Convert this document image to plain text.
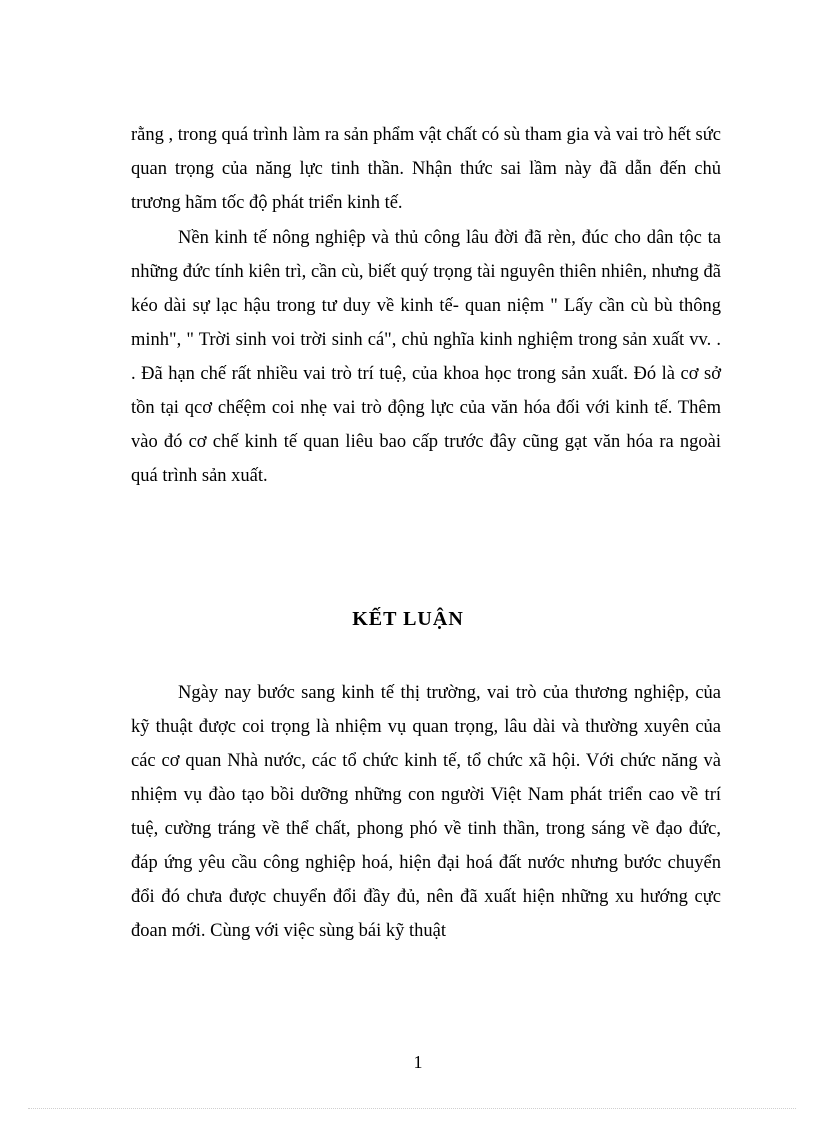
rằng , trong quá trình làm ra sản phẩm vật chất có sù tham gia và vai trò hết sức quan trọng của năng lực tinh thần. Nhận thức sai lầm này đã dẫn đến chủ trương hãm tốc độ phát triển kinh tế.

Nền kinh tế nông nghiệp và thủ công lâu đời đã rèn, đúc cho dân tộc ta những đức tính kiên trì, cần cù, biết quý trọng tài nguyên thiên nhiên, nhưng đã kéo dài sự lạc hậu trong tư duy về kinh tế- quan niệm " Lấy cần cù bù thông minh", " Trời sinh voi trời sinh cá", chủ nghĩa kinh nghiệm trong sản xuất vv. . . Đã hạn chế rất nhiều vai trò trí tuệ, của khoa học trong sản xuất. Đó là cơ sở tồn tại qcơ chếệm coi nhẹ vai trò động lực của văn hóa đối với kinh tế. Thêm vào đó cơ chế kinh tế quan liêu bao cấp trước đây cũng gạt văn hóa ra ngoài quá trình sản xuất.

KẾT LUẬN

Ngày nay bước sang kinh tế thị trường, vai trò của thương nghiệp, của kỹ thuật được coi trọng là nhiệm vụ quan trọng, lâu dài và thường xuyên của các cơ quan Nhà nước, các tổ chức kinh tế, tổ chức xã hội. Với chức năng và nhiệm vụ đào tạo bồi dưỡng những con người Việt Nam phát triển cao về trí tuệ, cường tráng về thể chất, phong phó về tinh thần, trong sáng về đạo đức, đáp ứng yêu cầu công nghiệp hoá, hiện đại hoá đất nước nhưng bước chuyển đổi đó chưa được chuyển đổi đầy đủ, nên đã xuất hiện những xu hướng cực đoan mới. Cùng với việc sùng bái kỹ thuật

1
